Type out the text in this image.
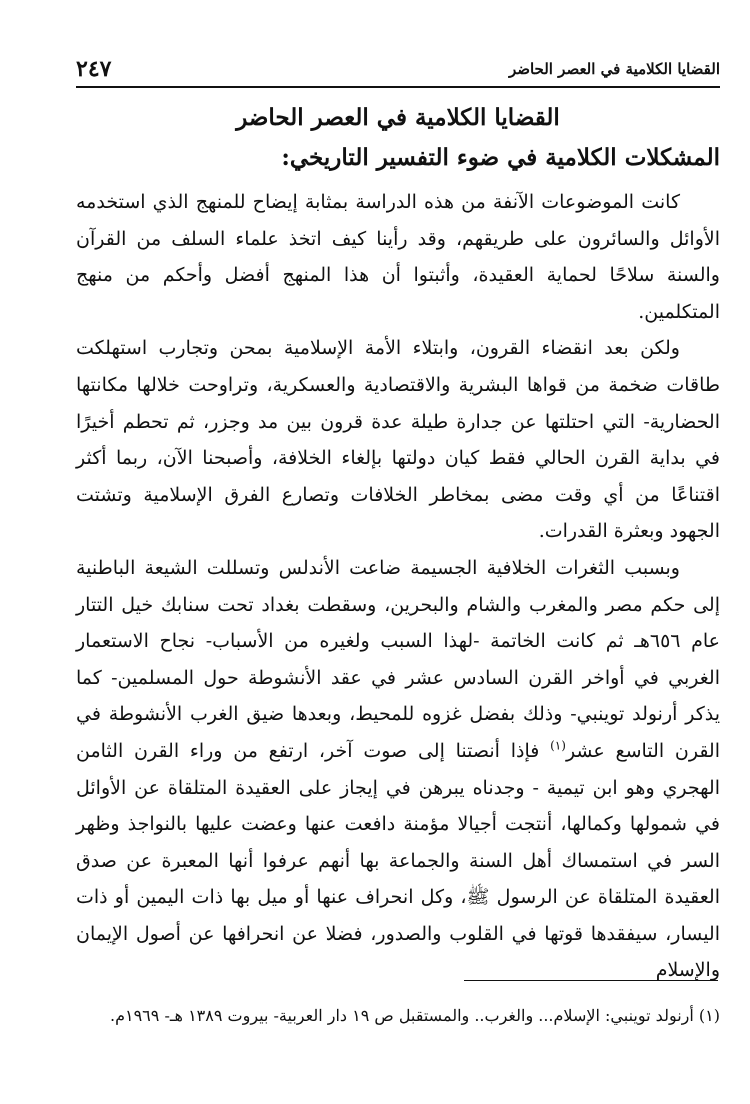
القضايا الكلامية في العصر الحاضر
٢٤٧
القضايا الكلامية في العصر الحاضر
المشكلات الكلامية في ضوء التفسير التاريخي:

كانت الموضوعات الآنفة من هذه الدراسة بمثابة إيضاح للمنهج الذي استخدمه الأوائل والسائرون على طريقهم، وقد رأينا كيف اتخذ علماء السلف من القرآن والسنة سلاحًا لحماية العقيدة، وأثبتوا أن هذا المنهج أفضل وأحكم من منهج المتكلمين.

ولكن بعد انقضاء القرون، وابتلاء الأمة الإسلامية بمحن وتجارب استهلكت طاقات ضخمة من قواها البشرية والاقتصادية والعسكرية، وتراوحت خلالها مكانتها الحضارية- التي احتلتها عن جدارة طيلة عدة قرون بين مد وجزر، ثم تحطم أخيرًا في بداية القرن الحالي فقط كيان دولتها بإلغاء الخلافة، وأصبحنا الآن، ربما أكثر اقتناعًا من أي وقت مضى بمخاطر الخلافات وتصارع الفرق الإسلامية وتشتت الجهود وبعثرة القدرات.

وبسبب الثغرات الخلافية الجسيمة ضاعت الأندلس وتسللت الشيعة الباطنية إلى حكم مصر والمغرب والشام والبحرين، وسقطت بغداد تحت سنابك خيل التتار عام ٦٥٦هـ ثم كانت الخاتمة -لهذا السبب ولغيره من الأسباب- نجاح الاستعمار الغربي في أواخر القرن السادس عشر في عقد الأنشوطة حول المسلمين- كما يذكر أرنولد توينبي- وذلك بفضل غزوه للمحيط، وبعدها ضيق الغرب الأنشوطة في القرن التاسع عشر$^{(١)}$ فإذا أنصتنا إلى صوت آخر، ارتفع من وراء القرن الثامن الهجري وهو ابن تيمية - وجدناه يبرهن في إيجاز على العقيدة المتلقاة عن الأوائل في شمولها وكمالها، أنتجت أجيالا مؤمنة دافعت عنها وعضت عليها بالنواجذ وظهر السر في استمساك أهل السنة والجماعة بها أنهم عرفوا أنها المعبرة عن صدق العقيدة المتلقاة عن الرسول ﷺ، وكل انحراف عنها أو ميل بها ذات اليمين أو ذات اليسار، سيفقدها قوتها في القلوب والصدور، فضلا عن انحرافها عن أصول الإيمان والإسلام

(١) أرنولد توينبي: الإسلام... والغرب.. والمستقبل ص ١٩ دار العربية- بيروت ١٣٨٩ هـ- ١٩٦٩م.
